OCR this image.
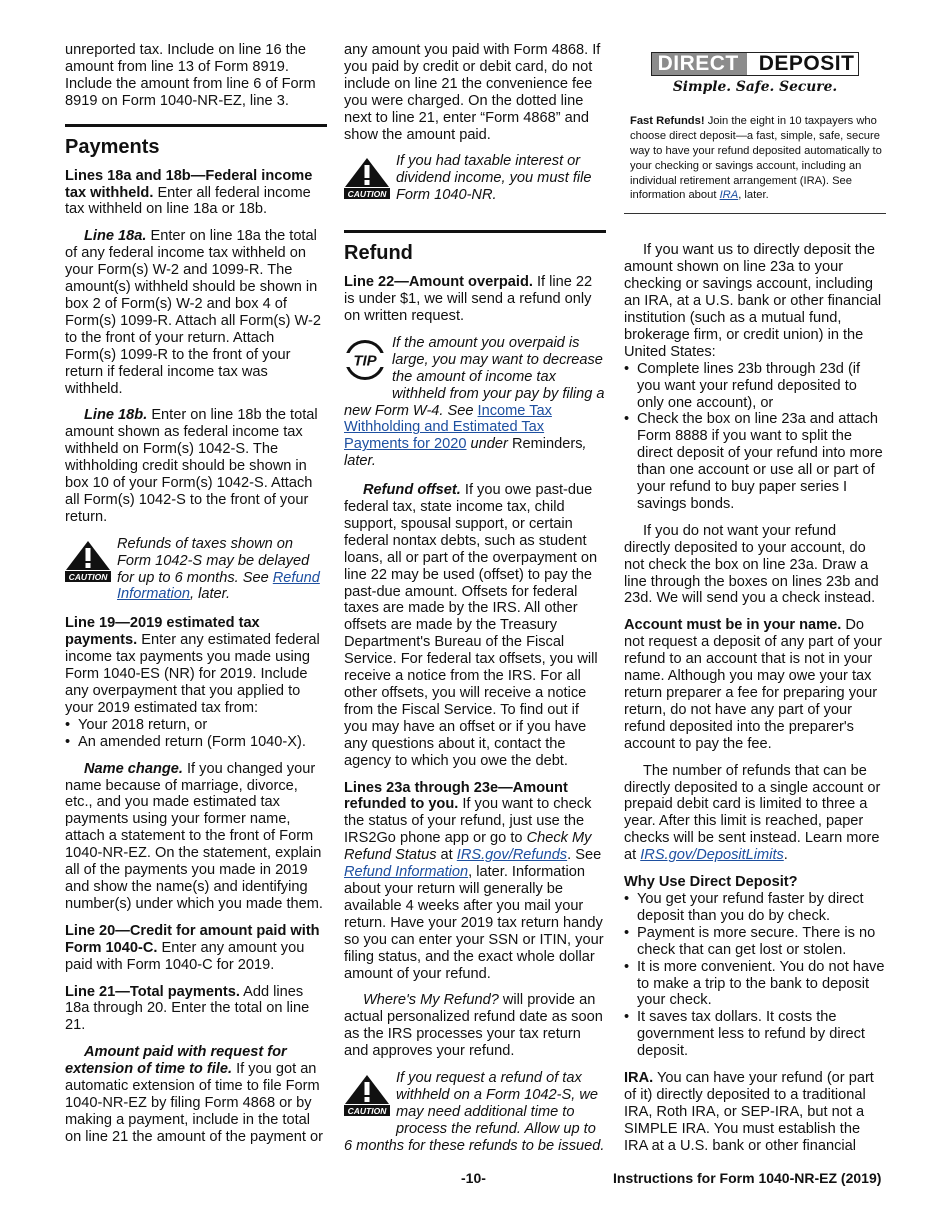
unreported tax. Include on line 16 the amount from line 13 of Form 8919. Include the amount from line 6 of Form 8919 on Form 1040-NR-EZ, line 3.

Payments

Lines 18a and 18b—Federal income tax withheld. Enter all federal income tax withheld on line 18a or 18b.

Line 18a. Enter on line 18a the total of any federal income tax withheld on your Form(s) W-2 and 1099-R. The amount(s) withheld should be shown in box 2 of Form(s) W-2 and box 4 of Form(s) 1099-R. Attach all Form(s) W-2 to the front of your return. Attach Form(s) 1099-R to the front of your return if federal income tax was withheld.

Line 18b. Enter on line 18b the total amount shown as federal income tax withheld on Form(s) 1042-S. The withholding credit should be shown in box 10 of your Form(s) 1042-S. Attach all Form(s) 1042-S to the front of your return.

CAUTION
Refunds of taxes shown on Form 1042-S may be delayed for up to 6 months. See Refund Information, later.

Line 19—2019 estimated tax payments. Enter any estimated federal income tax payments you made using Form 1040-ES (NR) for 2019. Include any overpayment that you applied to your 2019 estimated tax from:

• Your 2018 return, or
• An amended return (Form 1040-X).

Name change. If you changed your name because of marriage, divorce, etc., and you made estimated tax payments using your former name, attach a statement to the front of Form 1040-NR-EZ. On the statement, explain all of the payments you made in 2019 and show the name(s) and identifying number(s) under which you made them.

Line 20—Credit for amount paid with Form 1040-C. Enter any amount you paid with Form 1040-C for 2019.

Line 21—Total payments. Add lines 18a through 20. Enter the total on line 21.

Amount paid with request for extension of time to file. If you got an automatic extension of time to file Form 1040-NR-EZ by filing Form 4868 or by making a payment, include in the total on line 21 the amount of the payment or

any amount you paid with Form 4868. If you paid by credit or debit card, do not include on line 21 the convenience fee you were charged. On the dotted line next to line 21, enter “Form 4868” and show the amount paid.

CAUTION
If you had taxable interest or dividend income, you must file Form 1040-NR.
Refund

Line 22—Amount overpaid. If line 22 is under $1, we will send a refund only on written request.

TIP
If the amount you overpaid is large, you may want to decrease the amount of income tax withheld from your pay by filing a new Form W-4. See Income Tax Withholding and Estimated Tax Payments for 2020 under Reminders, later.

Refund offset. If you owe past-due federal tax, state income tax, child support, spousal support, or certain federal nontax debts, such as student loans, all or part of the overpayment on line 22 may be used (offset) to pay the past-due amount. Offsets for federal taxes are made by the IRS. All other offsets are made by the Treasury Department's Bureau of the Fiscal Service. For federal tax offsets, you will receive a notice from the IRS. For all other offsets, you will receive a notice from the Fiscal Service. To find out if you may have an offset or if you have any questions about it, contact the agency to which you owe the debt.

Lines 23a through 23e—Amount refunded to you. If you want to check the status of your refund, just use the IRS2Go phone app or go to Check My Refund Status at IRS.gov/Refunds. See Refund Information, later. Information about your return will generally be available 4 weeks after you mail your return. Have your 2019 tax return handy so you can enter your SSN or ITIN, your filing status, and the exact whole dollar amount of your refund.

Where's My Refund? will provide an actual personalized refund date as soon as the IRS processes your tax return and approves your refund.

CAUTION
If you request a refund of tax withheld on a Form 1042-S, we may need additional time to process the refund. Allow up to 6 months for these refunds to be issued.
DIRECT DEPOSIT
Simple. Safe. Secure.
Fast Refunds! Join the eight in 10 taxpayers who choose direct deposit—a fast, simple, safe, secure way to have your refund deposited automatically to your checking or savings account, including an individual retirement arrangement (IRA). See information about IRA, later.

If you want us to directly deposit the amount shown on line 23a to your checking or savings account, including an IRA, at a U.S. bank or other financial institution (such as a mutual fund, brokerage firm, or credit union) in the United States:

• Complete lines 23b through 23d (if you want your refund deposited to only one account), or
• Check the box on line 23a and attach Form 8888 if you want to split the direct deposit of your refund into more than one account or use all or part of your refund to buy paper series I savings bonds.

If you do not want your refund directly deposited to your account, do not check the box on line 23a. Draw a line through the boxes on lines 23b and 23d. We will send you a check instead.

Account must be in your name. Do not request a deposit of any part of your refund to an account that is not in your name. Although you may owe your tax return preparer a fee for preparing your return, do not have any part of your refund deposited into the preparer's account to pay the fee.

The number of refunds that can be directly deposited to a single account or prepaid debit card is limited to three a year. After this limit is reached, paper checks will be sent instead. Learn more at IRS.gov/DepositLimits.

Why Use Direct Deposit?

• You get your refund faster by direct deposit than you do by check.
• Payment is more secure. There is no check that can get lost or stolen.
• It is more convenient. You do not have to make a trip to the bank to deposit your check.
• It saves tax dollars. It costs the government less to refund by direct deposit.

IRA. You can have your refund (or part of it) directly deposited to a traditional IRA, Roth IRA, or SEP-IRA, but not a SIMPLE IRA. You must establish the IRA at a U.S. bank or other financial

-10-	Instructions for Form 1040-NR-EZ (2019)
